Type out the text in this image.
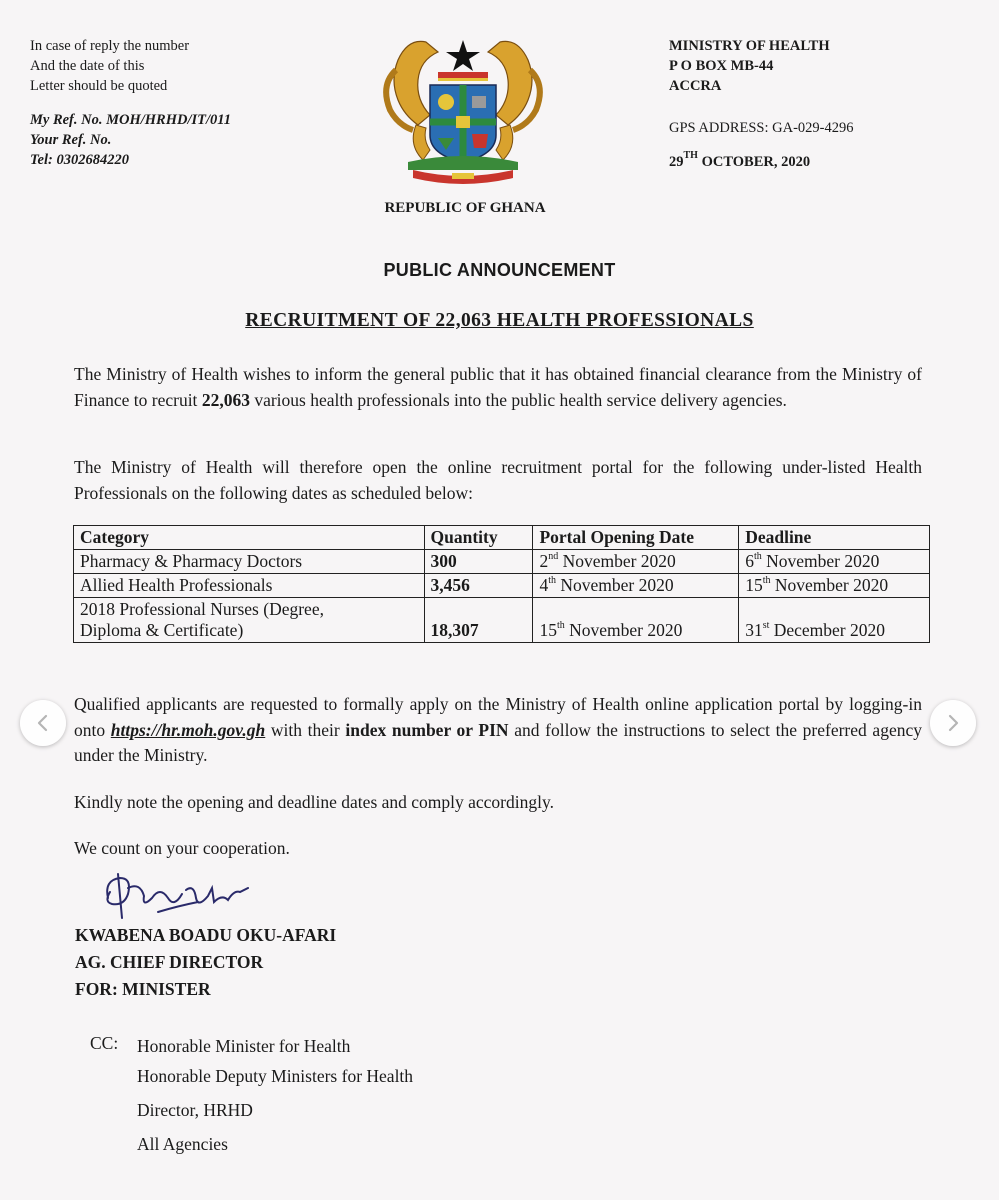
In case of reply the number
And the date of this
Letter should be quoted
My Ref. No. MOH/HRHD/IT/011
Your Ref. No.
Tel: 0302684220
REPUBLIC OF GHANA
MINISTRY OF HEALTH
P O BOX MB-44
ACCRA
GPS ADDRESS: GA-029-4296
29TH OCTOBER, 2020
PUBLIC ANNOUNCEMENT
RECRUITMENT OF 22,063 HEALTH PROFESSIONALS
The Ministry of Health wishes to inform the general public that it has obtained financial clearance from the Ministry of Finance to recruit 22,063 various health professionals into the public health service delivery agencies.
The Ministry of Health will therefore open the online recruitment portal for the following under-listed Health Professionals on the following dates as scheduled below:
Category	Quantity	Portal Opening Date	Deadline
Pharmacy & Pharmacy Doctors	300	2nd November 2020	6th November 2020
Allied Health Professionals	3,456	4th November 2020	15th November 2020
2018 Professional Nurses (Degree,
Diploma & Certificate)	18,307	15th November 2020	31st December 2020
Qualified applicants are requested to formally apply on the Ministry of Health online application portal by logging-in onto https://hr.moh.gov.gh with their index number or PIN and follow the instructions to select the preferred agency under the Ministry.
Kindly note the opening and deadline dates and comply accordingly.
We count on your cooperation.
KWABENA BOADU OKU-AFARI
AG. CHIEF DIRECTOR
FOR: MINISTER
CC: Honorable Minister for Health
Honorable Deputy Ministers for Health
Director, HRHD
All Agencies
